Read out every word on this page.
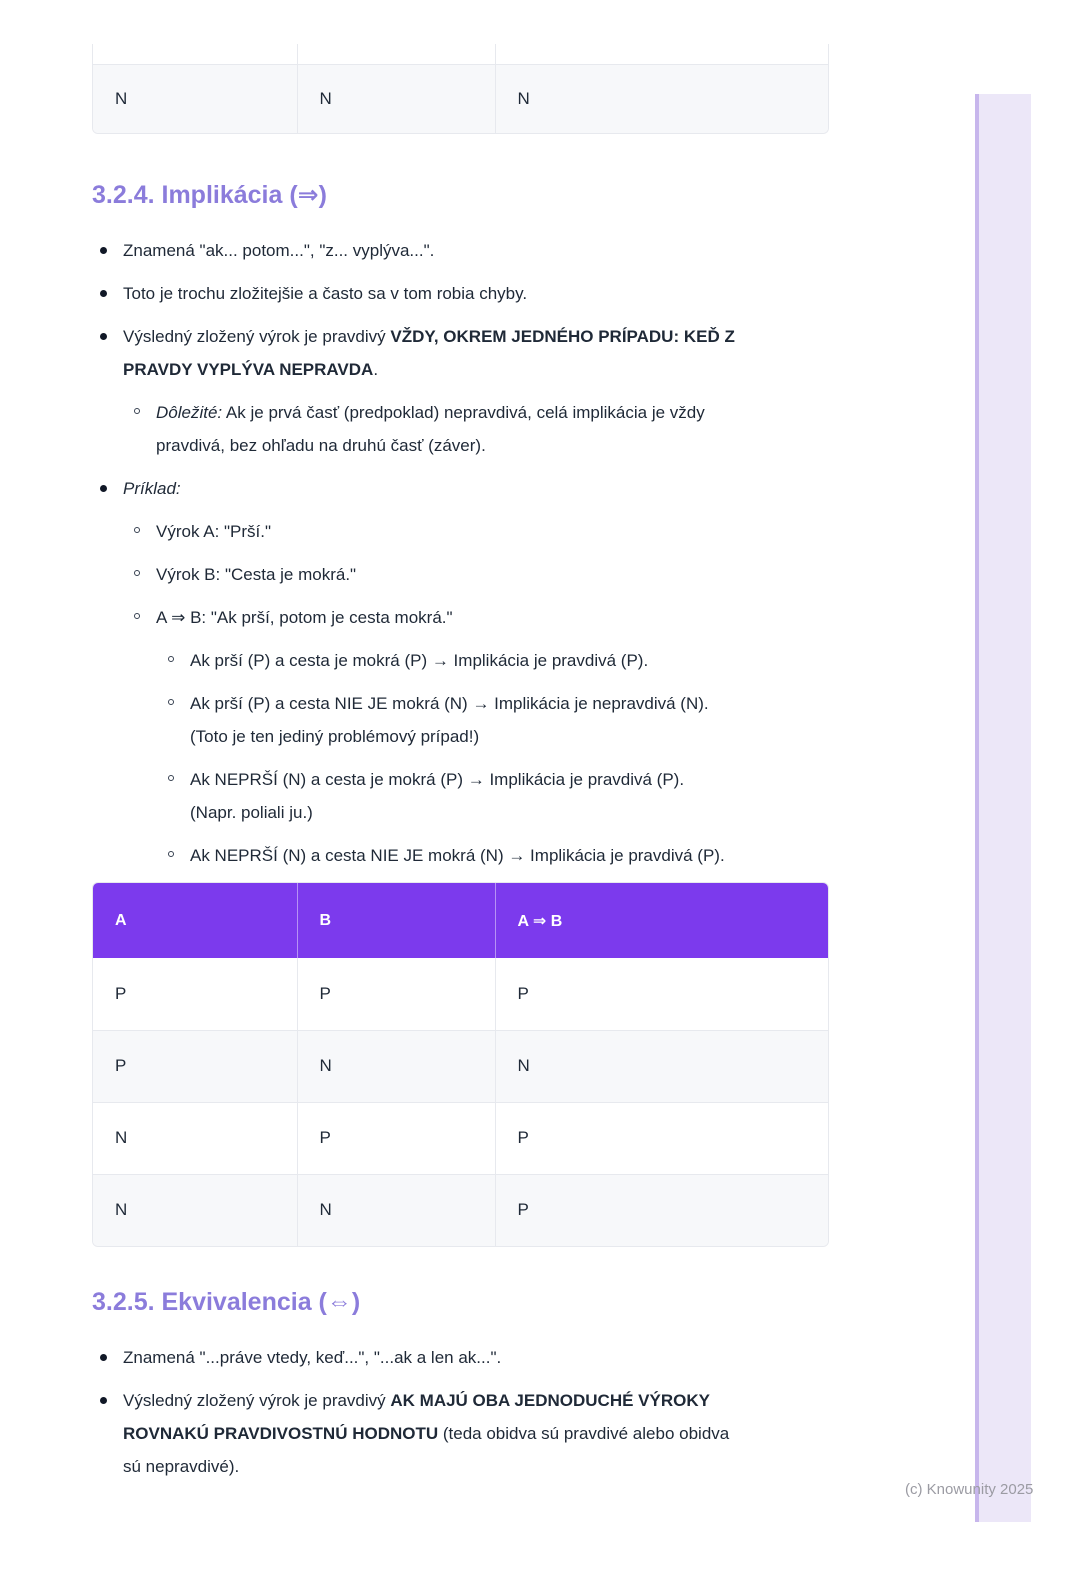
N	N	N
3.2.4. Implikácia (⇒)
Znamená "ak... potom...", "z... vyplýva...".
Toto je trochu zložitejšie a často sa v tom robia chyby.
Výsledný zložený výrok je pravdivý VŽDY, OKREM JEDNÉHO PRÍPADU: KEĎ Z
PRAVDY VYPLÝVA NEPRAVDA.
Dôležité: Ak je prvá časť (predpoklad) nepravdivá, celá implikácia je vždy
pravdivá, bez ohľadu na druhú časť (záver).
Príklad:
Výrok A: "Prší."
Výrok B: "Cesta je mokrá."
A ⇒ B: "Ak prší, potom je cesta mokrá."
Ak prší (P) a cesta je mokrá (P) → Implikácia je pravdivá (P).
Ak prší (P) a cesta NIE JE mokrá (N) → Implikácia je nepravdivá (N).
(Toto je ten jediný problémový prípad!)
Ak NEPRŠÍ (N) a cesta je mokrá (P) → Implikácia je pravdivá (P).
(Napr. poliali ju.)
Ak NEPRŠÍ (N) a cesta NIE JE mokrá (N) → Implikácia je pravdivá (P).
A	B	A ⇒ B
P	P	P
P	N	N
N	P	P
N	N	P
3.2.5. Ekvivalencia (⇔)
Znamená "...práve vtedy, keď...", "...ak a len ak...".
Výsledný zložený výrok je pravdivý AK MAJÚ OBA JEDNODUCHÉ VÝROKY
ROVNAKÚ PRAVDIVOSTNÚ HODNOTU (teda obidva sú pravdivé alebo obidva
sú nepravdivé).
(c) Knowunity 2025
